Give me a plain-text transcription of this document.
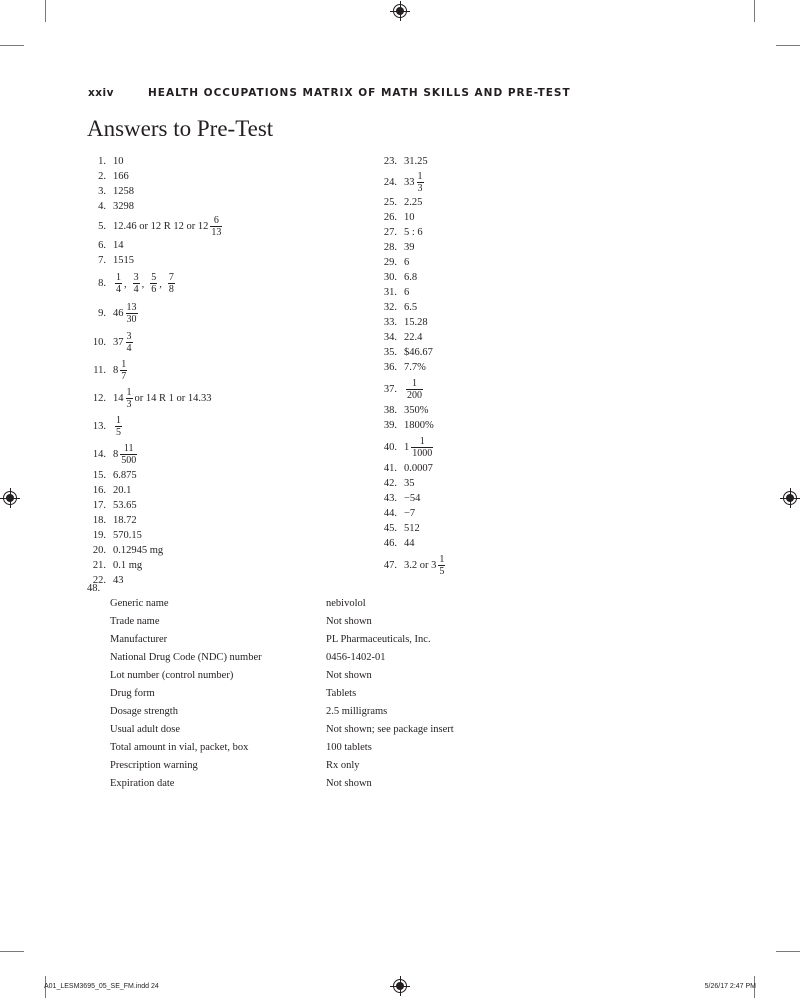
xxiv	HEALTH OCCUPATIONS MATRIX OF MATH SKILLS AND PRE-TEST
Answers to Pre-Test
1. 10
2. 166
3. 1258
4. 3298
5. 12.46 or 12 R 12 or $12 \frac{6}{13}$
6. 14
7. 1515
8. $\frac{1}{4}$ , $\frac{3}{4}$ , $\frac{5}{6}$ , $\frac{7}{8}$
9. $46 \frac{13}{30}$
10. $37 \frac{3}{4}$
11. $8 \frac{1}{7}$
12. $14 \frac{1}{3}$ or 14 R 1 or 14.33
13. $\frac{1}{5}$
14. $8 \frac{11}{500}$
15. 6.875
16. 20.1
17. 53.65
18. 18.72
19. 570.15
20. 0.12945 mg
21. 0.1 mg
22. 43
23. 31.25
24. $33 \frac{1}{3}$
25. 2.25
26. 10
27. 5 : 6
28. 39
29. 6
30. 6.8
31. 6
32. 6.5
33. 15.28
34. 22.4
35. $46.67
36. 7.7%
37. $\frac{1}{200}$
38. 350%
39. 1800%
40. $1 \frac{1}{1000}$
41. 0.0007
42. 35
43. −54
44. −7
45. 512
46. 44
47. 3.2 or $3 \frac{1}{5}$
48.
Generic name	nebivolol
Trade name	Not shown
Manufacturer	PL Pharmaceuticals, Inc.
National Drug Code (NDC) number	0456-1402-01
Lot number (control number)	Not shown
Drug form	Tablets
Dosage strength	2.5 milligrams
Usual adult dose	Not shown; see package insert
Total amount in vial, packet, box	100 tablets
Prescription warning	Rx only
Expiration date	Not shown
A01_LESM3695_05_SE_FM.indd 24	5/26/17 2:47 PM
